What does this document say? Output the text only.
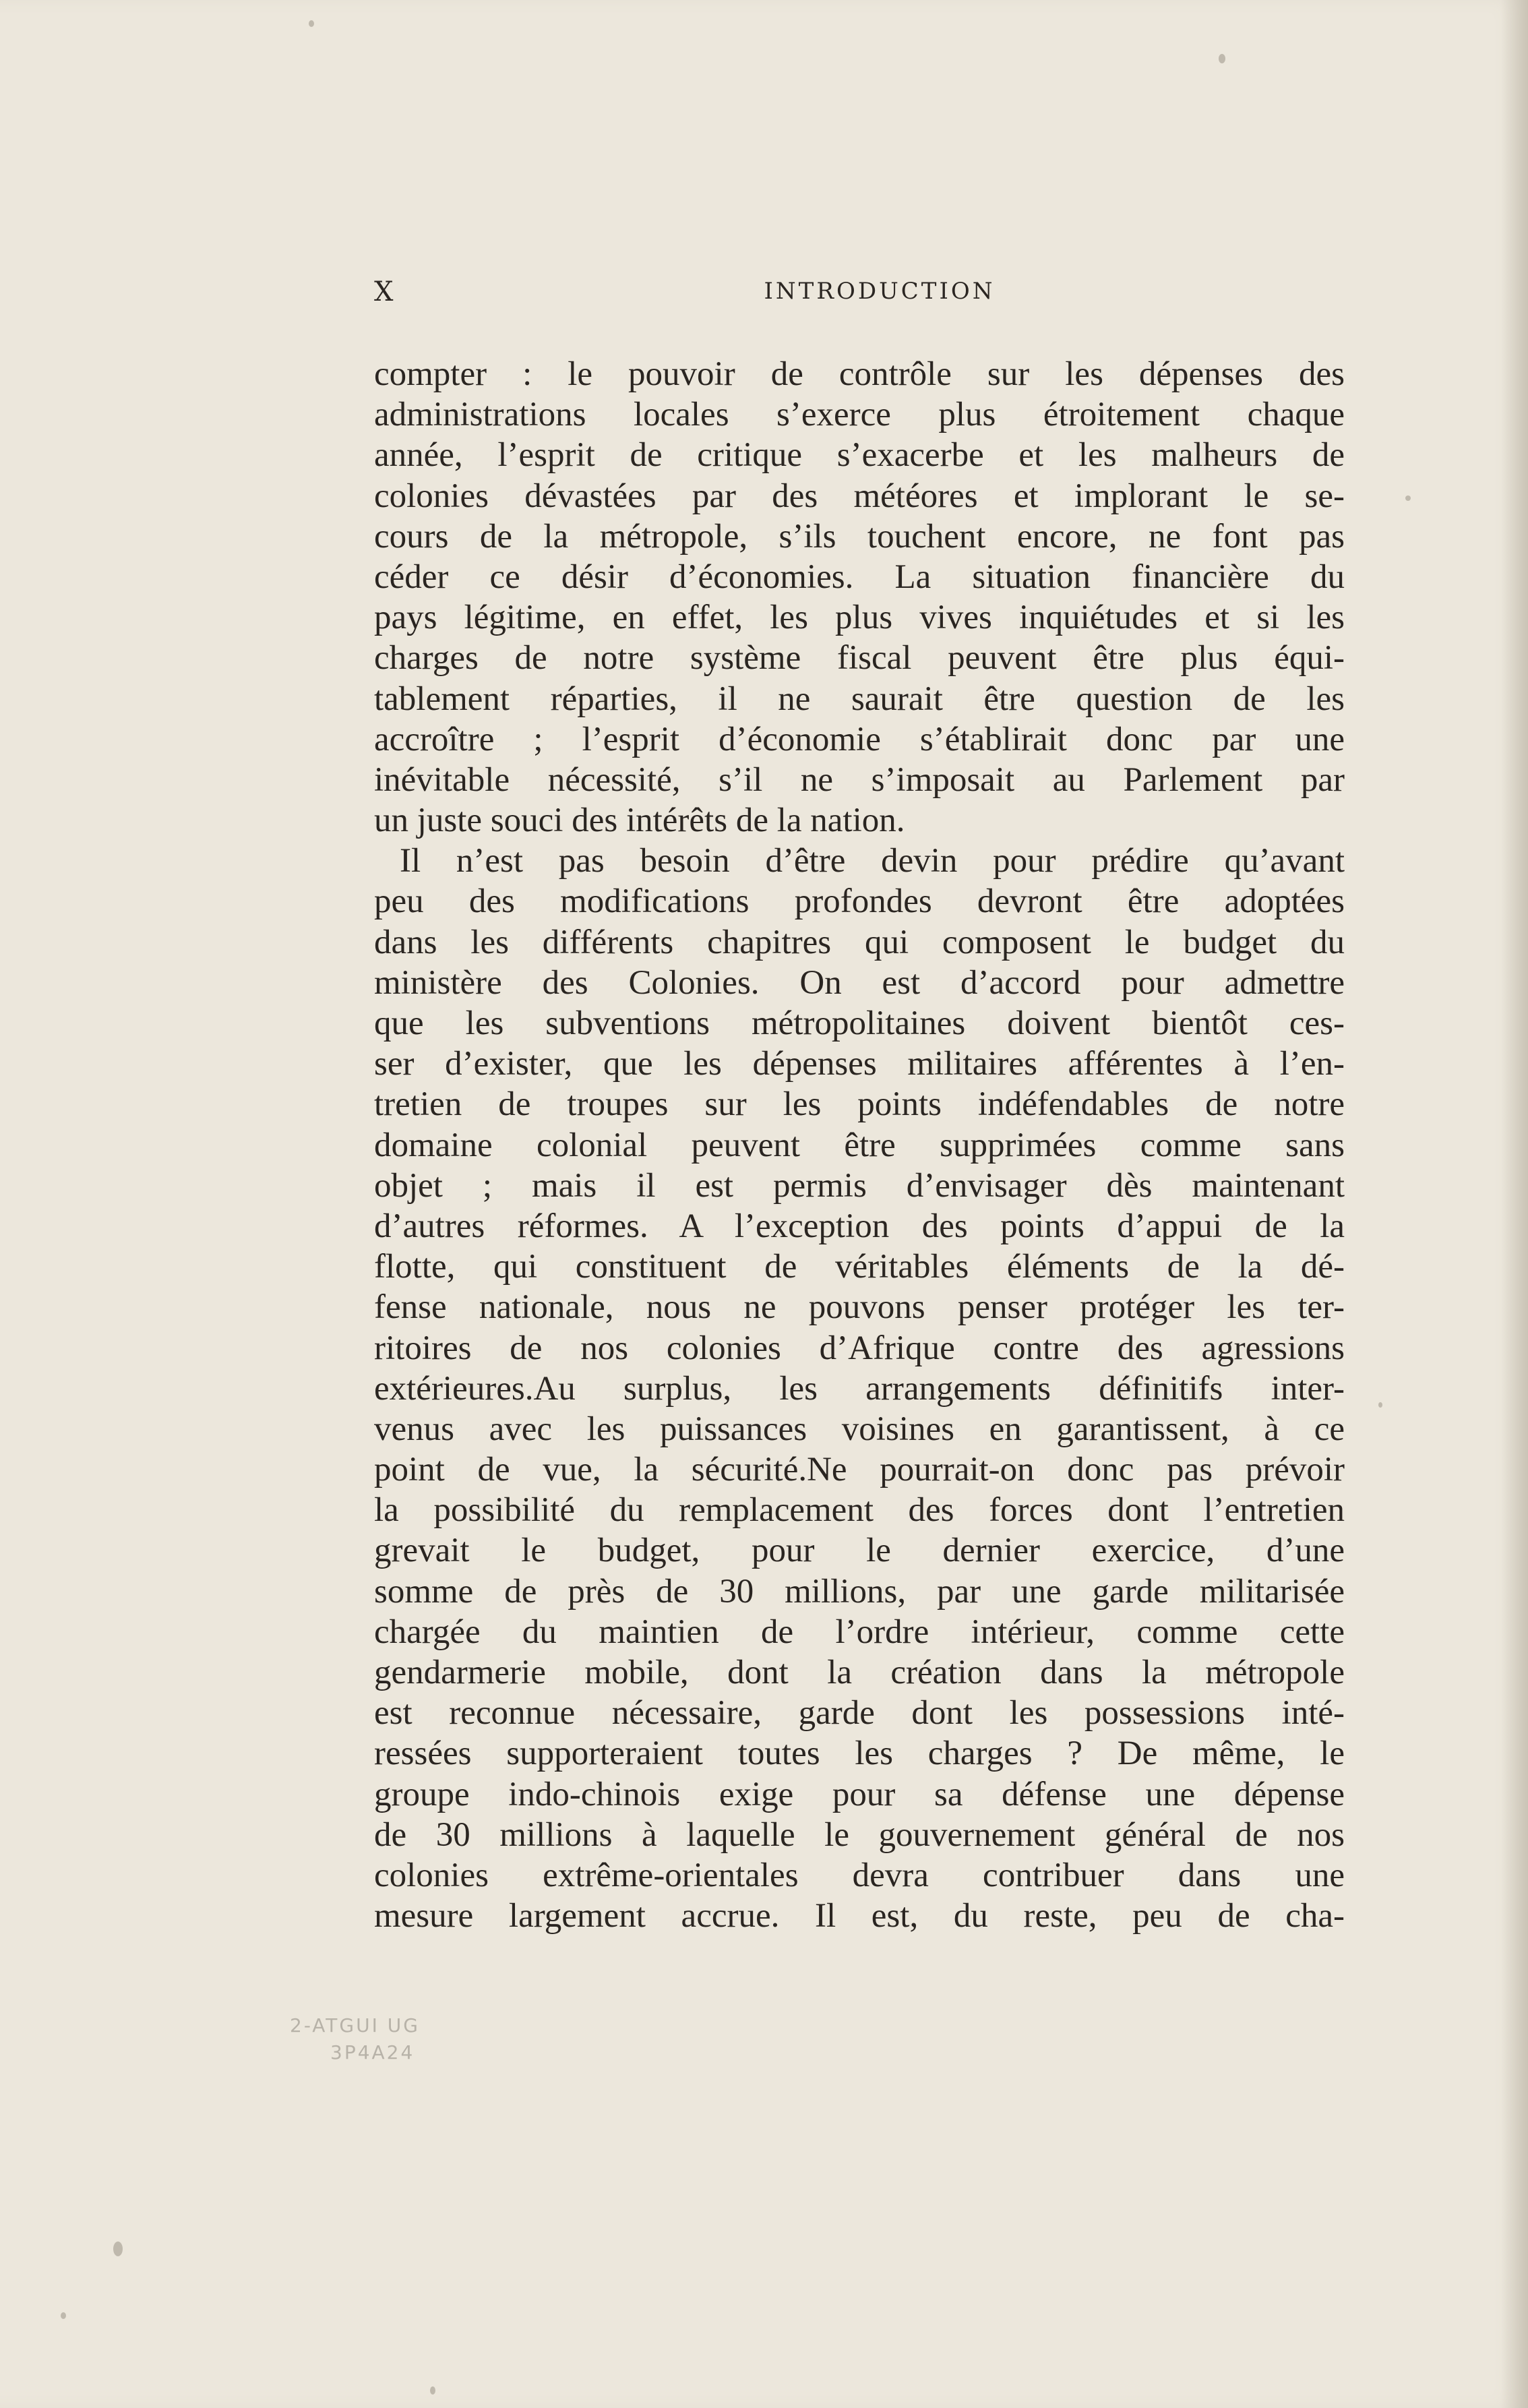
X	INTRODUCTION
compter : le pouvoir de contrôle sur les dépenses des
administrations locales s’exerce plus étroitement chaque
année, l’esprit de critique s’exacerbe et les malheurs de
colonies dévastées par des météores et implorant le se-
cours de la métropole, s’ils touchent encore, ne font pas
céder ce désir d’économies. La situation financière du
pays légitime, en effet, les plus vives inquiétudes et si les
charges de notre système fiscal peuvent être plus équi-
tablement réparties, il ne saurait être question de les
accroître ; l’esprit d’économie s’établirait donc par une
inévitable nécessité, s’il ne s’imposait au Parlement par
un juste souci des intérêts de la nation.
Il n’est pas besoin d’être devin pour prédire qu’avant
peu des modifications profondes devront être adoptées
dans les différents chapitres qui composent le budget du
ministère des Colonies. On est d’accord pour admettre
que les subventions métropolitaines doivent bientôt ces-
ser d’exister, que les dépenses militaires afférentes à l’en-
tretien de troupes sur les points indéfendables de notre
domaine colonial peuvent être supprimées comme sans
objet ; mais il est permis d’envisager dès maintenant
d’autres réformes. A l’exception des points d’appui de la
flotte, qui constituent de véritables éléments de la dé-
fense nationale, nous ne pouvons penser protéger les ter-
ritoires de nos colonies d’Afrique contre des agressions
extérieures.Au surplus, les arrangements définitifs inter-
venus avec les puissances voisines en garantissent, à ce
point de vue, la sécurité.Ne pourrait-on donc pas prévoir
la possibilité du remplacement des forces dont l’entretien
grevait le budget, pour le dernier exercice, d’une
somme de près de 30 millions, par une garde militarisée
chargée du maintien de l’ordre intérieur, comme cette
gendarmerie mobile, dont la création dans la métropole
est reconnue nécessaire, garde dont les possessions inté-
ressées supporteraient toutes les charges ? De même, le
groupe indo-chinois exige pour sa défense une dépense
de 30 millions à laquelle le gouvernement général de nos
colonies extrême-orientales devra contribuer dans une
mesure largement accrue. Il est, du reste, peu de cha-
2-ATGUI UG
3P4A24
